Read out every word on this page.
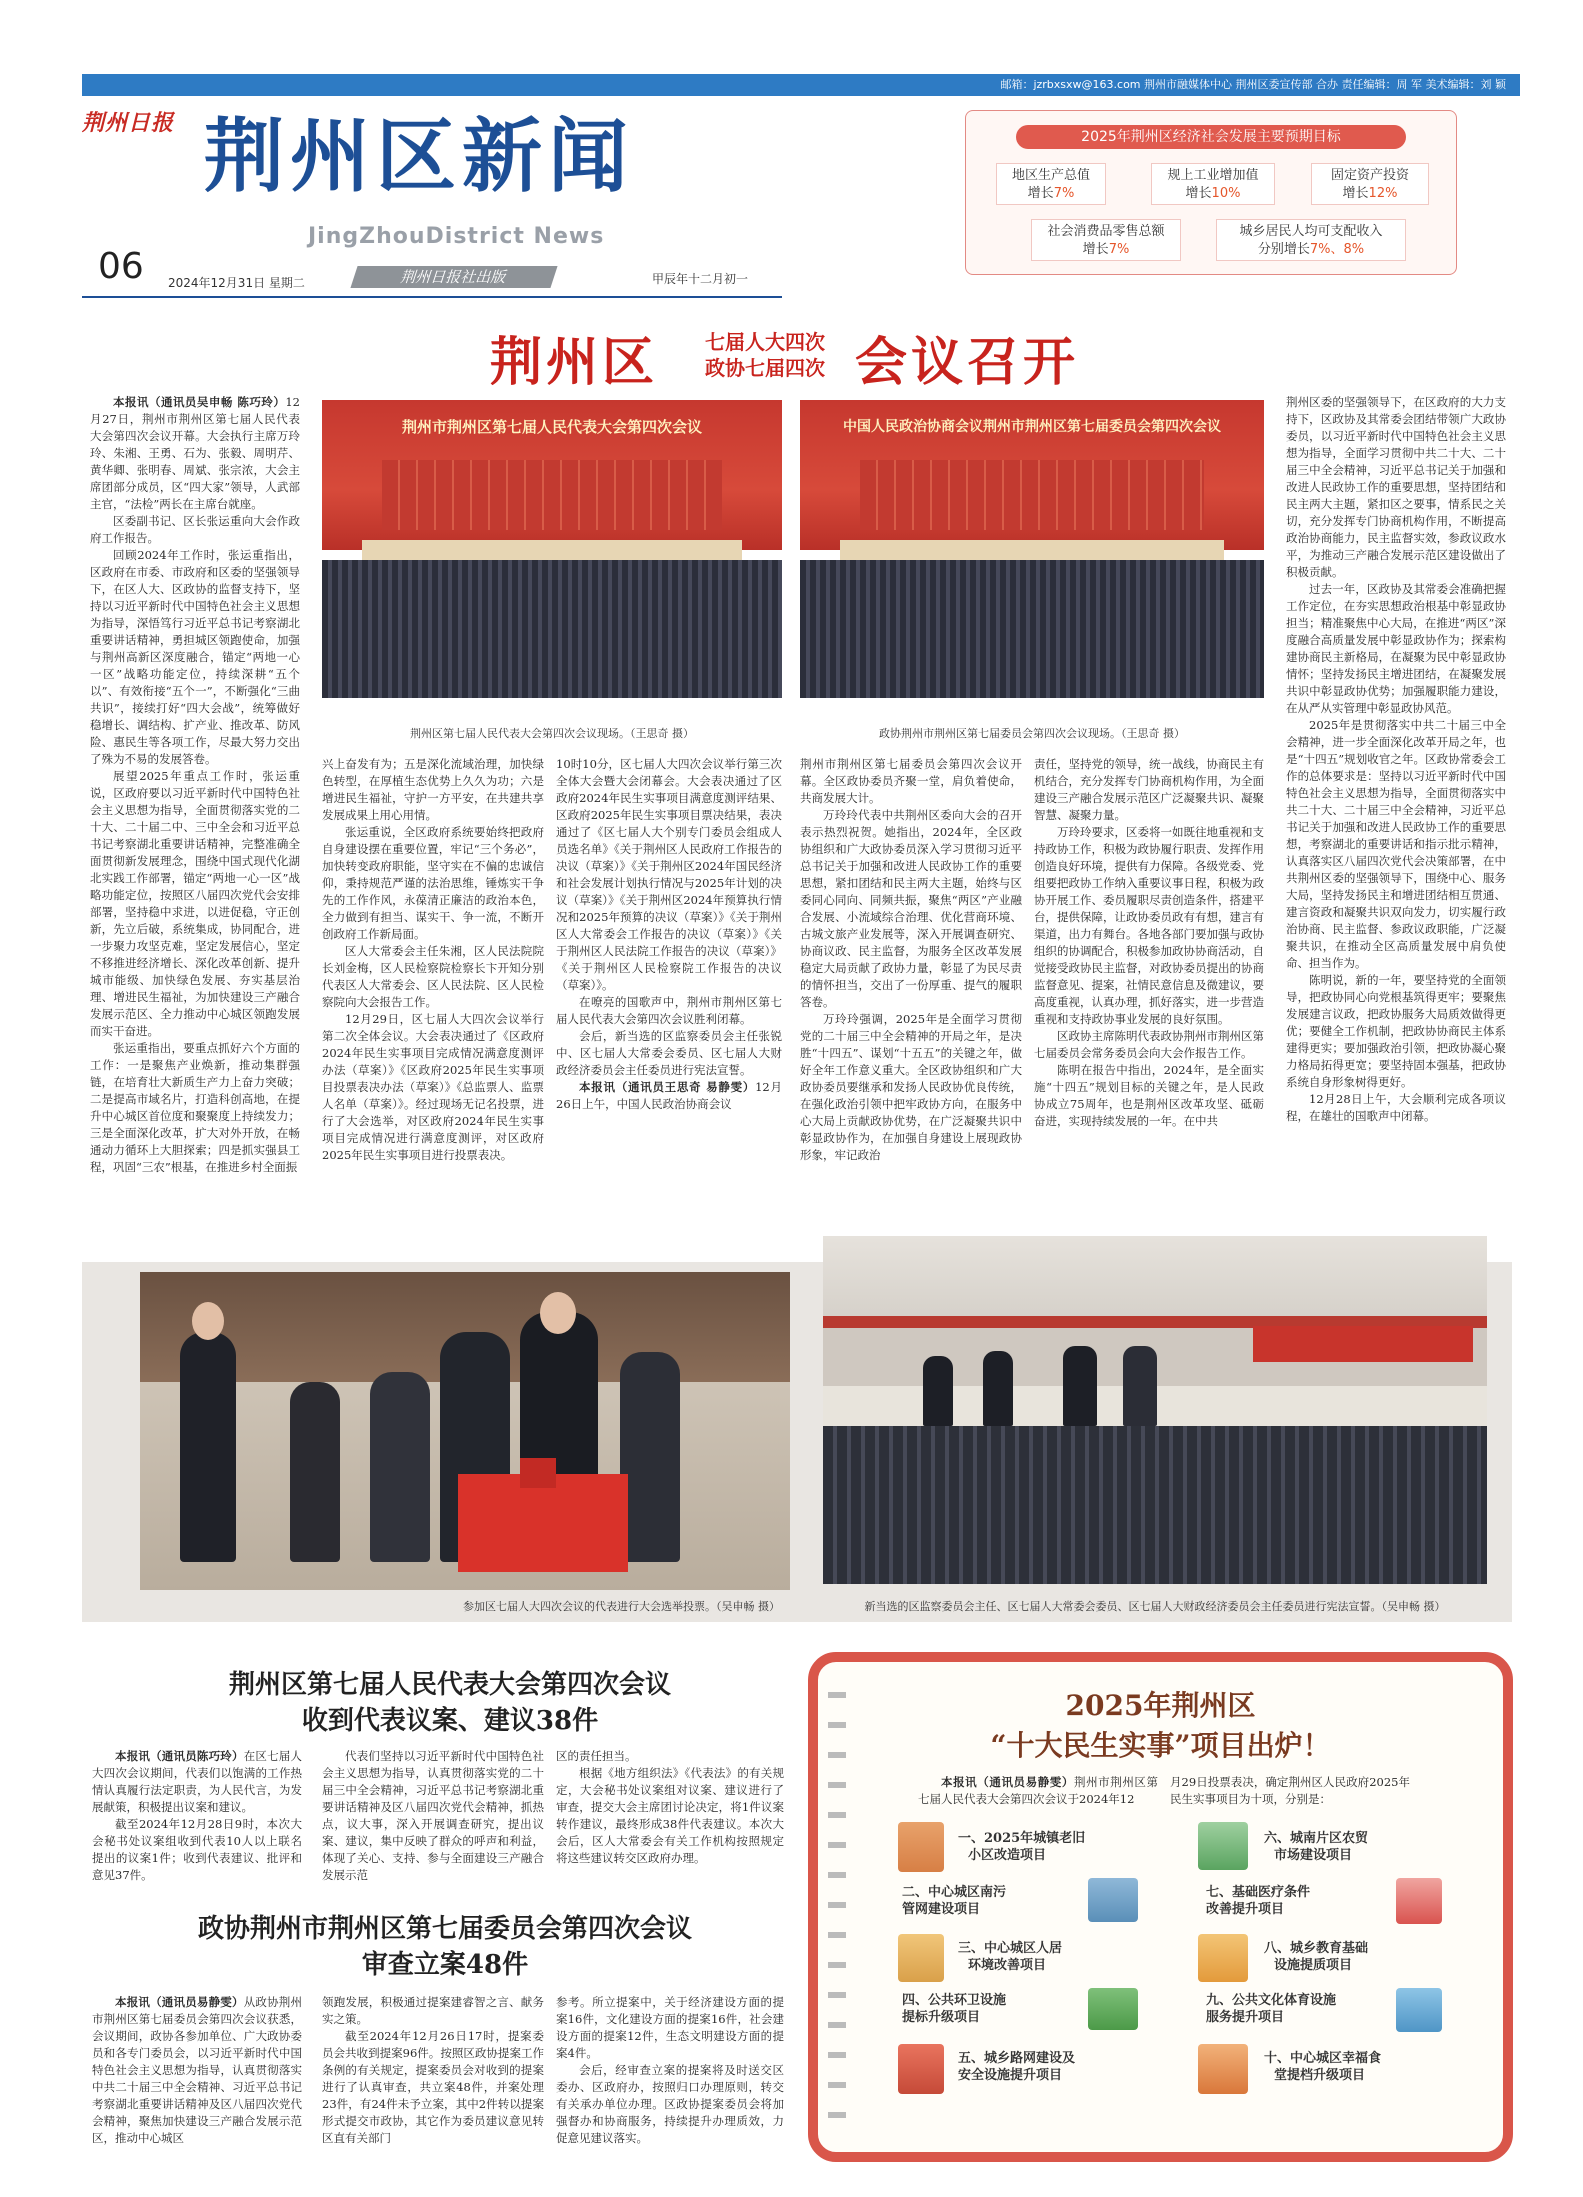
邮箱：jzrbxsxw@163.com 荆州市融媒体中心 荆州区委宣传部 合办 责任编辑：周 军 美术编辑：刘 颖
荆州日报 荆州区新闻
JingZhouDistrict News
06 2024年12月31日 星期二	荆州日报社出版	甲辰年十二月初一
2025年荆州区经济社会发展主要预期目标
地区生产总值
增长7%
规上工业增加值
增长10%
固定资产投资
增长12%
社会消费品零售总额
增长7%
城乡居民人均可支配收入
分别增长7%、8%
荆州区 七届人大四次
政协七届四次 会议召开
荆州市荆州区第七届人民代表大会第四次会议
荆州区第七届人民代表大会第四次会议现场。（王思奇 摄）
中国人民政治协商会议荆州市荆州区第七届委员会第四次会议
政协荆州市荆州区第七届委员会第四次会议现场。（王思奇 摄）

本报讯（通讯员吴申畅 陈巧玲）12月27日，荆州市荆州区第七届人民代表大会第四次会议开幕。大会执行主席万玲玲、朱湘、王勇、石为、张毅、周明芹、黄华卿、张明春、周斌、张宗浓，大会主席团部分成员，区“四大家”领导，人武部主官，“法检”两长在主席台就座。

区委副书记、区长张运重向大会作政府工作报告。

回顾2024年工作时，张运重指出，区政府在市委、市政府和区委的坚强领导下，在区人大、区政协的监督支持下，坚持以习近平新时代中国特色社会主义思想为指导，深悟笃行习近平总书记考察湖北重要讲话精神，勇担城区领跑使命，加强与荆州高新区深度融合，锚定“两地一心一区”战略功能定位，持续深耕“五个以”、有效衔接“五个一”，不断强化“三曲共识”，接续打好“四大会战”，统筹做好稳增长、调结构、扩产业、推改革、防风险、惠民生等各项工作，尽最大努力交出了殊为不易的发展答卷。

展望2025年重点工作时，张运重说，区政府要以习近平新时代中国特色社会主义思想为指导，全面贯彻落实党的二十大、二十届二中、三中全会和习近平总书记考察湖北重要讲话精神，完整准确全面贯彻新发展理念，围绕中国式现代化湖北实践工作部署，锚定“两地一心一区”战略功能定位，按照区八届四次党代会安排部署，坚持稳中求进，以进促稳，守正创新，先立后破，系统集成，协同配合，进一步聚力攻坚克难，坚定发展信心，坚定不移推进经济增长、深化改革创新、提升城市能级、加快绿色发展、夯实基层治理、增进民生福祉，为加快建设三产融合发展示范区、全力推动中心城区领跑发展而实干奋进。

张运重指出，要重点抓好六个方面的工作：一是聚焦产业焕新，推动集群强链，在培育壮大新质生产力上奋力突破；二是提高市域名片，打造科创高地，在提升中心城区首位度和聚聚度上持续发力；三是全面深化改革，扩大对外开放，在畅通动力循环上大胆探索；四是抓实强县工程，巩固“三农”根基，在推进乡村全面振

兴上奋发有为；五是深化流域治理，加快绿色转型，在厚植生态优势上久久为功；六是增进民生福祉，守护一方平安，在共建共享发展成果上用心用情。

张运重说，全区政府系统要始终把政府自身建设摆在重要位置，牢记“三个务必”，加快转变政府职能，坚守实在不偏的忠诚信仰，秉持规范严谨的法治思维，锤炼实干争先的工作作风，永葆清正廉洁的政治本色，全力做到有担当、谋实干、争一流，不断开创政府工作新局面。

区人大常委会主任朱湘，区人民法院院长刘金梅，区人民检察院检察长卞开知分别代表区人大常委会、区人民法院、区人民检察院向大会报告工作。

12月29日，区七届人大四次会议举行第二次全体会议。大会表决通过了《区政府2024年民生实事项目完成情况满意度测评办法（草案）》《区政府2025年民生实事项目投票表决办法（草案）》《总监票人、监票人名单（草案）》。经过现场无记名投票，进行了大会选举，对区政府2024年民生实事项目完成情况进行满意度测评，对区政府2025年民生实事项目进行投票表决。

10时10分，区七届人大四次会议举行第三次全体大会暨大会闭幕会。大会表决通过了区政府2024年民生实事项目满意度测评结果、区政府2025年民生实事项目票决结果，表决通过了《区七届人大个别专门委员会组成人员选名单》《关于荆州区人民政府工作报告的决议（草案）》《关于荆州区2024年国民经济和社会发展计划执行情况与2025年计划的决议（草案）》《关于荆州区2024年预算执行情况和2025年预算的决议（草案）》《关于荆州区人大常委会工作报告的决议（草案）》《关于荆州区人民法院工作报告的决议（草案）》《关于荆州区人民检察院工作报告的决议（草案）》。

在嘹亮的国歌声中，荆州市荆州区第七届人民代表大会第四次会议胜利闭幕。

会后，新当选的区监察委员会主任张锐中、区七届人大常委会委员、区七届人大财政经济委员会主任委员进行宪法宣誓。

本报讯（通讯员王思奇 易静雯）12月26日上午，中国人民政治协商会议

荆州市荆州区第七届委员会第四次会议开幕。全区政协委员齐聚一堂，肩负着使命，共商发展大计。

万玲玲代表中共荆州区委向大会的召开表示热烈祝贺。她指出，2024年，全区政协组织和广大政协委员深入学习贯彻习近平总书记关于加强和改进人民政协工作的重要思想，紧扣团结和民主两大主题，始终与区委同心同向、同频共振，聚焦“两区”产业融合发展、小流域综合治理、优化营商环境、古城文旅产业发展等，深入开展调查研究、协商议政、民主监督，为服务全区改革发展稳定大局贡献了政协力量，彰显了为民尽责的情怀担当，交出了一份厚重、提气的履职答卷。

万玲玲强调，2025年是全面学习贯彻党的二十届三中全会精神的开局之年，是决胜“十四五”、谋划“十五五”的关键之年，做好全年工作意义重大。全区政协组织和广大政协委员要继承和发扬人民政协优良传统，在强化政治引领中把牢政协方向，在服务中心大局上贡献政协优势，在广泛凝聚共识中彰显政协作为，在加强自身建设上展现政协形象，牢记政治

责任，坚持党的领导，统一战线，协商民主有机结合，充分发挥专门协商机构作用，为全面建设三产融合发展示范区广泛凝聚共识、凝聚智慧、凝聚力量。

万玲玲要求，区委将一如既往地重视和支持政协工作，积极为政协履行职责、发挥作用创造良好环境，提供有力保障。各级党委、党组要把政协工作纳入重要议事日程，积极为政协开展工作、委员履职尽责创造条件，搭建平台，提供保障，让政协委员政有有想，建言有渠道，出力有舞台。各地各部门要加强与政协组织的协调配合，积极参加政协协商活动，自觉接受政协民主监督，对政协委员提出的协商监督意见、提案，社情民意信息及微建议，要高度重视，认真办理，抓好落实，进一步营造重视和支持政协事业发展的良好氛围。

区政协主席陈明代表政协荆州市荆州区第七届委员会常务委员会向大会作报告工作。

陈明在报告中指出，2024年，是全面实施“十四五”规划目标的关键之年，是人民政协成立75周年，也是荆州区改革攻坚、砥砺奋进，实现持续发展的一年。在中共

荆州区委的坚强领导下，在区政府的大力支持下，区政协及其常委会团结带领广大政协委员，以习近平新时代中国特色社会主义思想为指导，全面学习贯彻中共二十大、二十届三中全会精神，习近平总书记关于加强和改进人民政协工作的重要思想，坚持团结和民主两大主题，紧扣区之要事，情系民之关切，充分发挥专门协商机构作用，不断提高政治协商能力，民主监督实效，参政议政水平，为推动三产融合发展示范区建设做出了积极贡献。

过去一年，区政协及其常委会准确把握工作定位，在夯实思想政治根基中彰显政协担当；精准聚焦中心大局，在推进“两区”深度融合高质量发展中彰显政协作为；探索构建协商民主新格局，在凝聚为民中彰显政协情怀；坚持发扬民主增进团结，在凝聚发展共识中彰显政协优势；加强履职能力建设，在从严从实管理中彰显政协风范。

2025年是贯彻落实中共二十届三中全会精神，进一步全面深化改革开局之年，也是“十四五”规划收官之年。区政协常委会工作的总体要求是：坚持以习近平新时代中国特色社会主义思想为指导，全面贯彻落实中共二十大、二十届三中全会精神，习近平总书记关于加强和改进人民政协工作的重要思想，考察湖北的重要讲话和指示批示精神，认真落实区八届四次党代会决策部署，在中共荆州区委的坚强领导下，围绕中心、服务大局，坚持发扬民主和增进团结相互贯通、建言资政和凝聚共识双向发力，切实履行政治协商、民主监督、参政议政职能，广泛凝聚共识，在推动全区高质量发展中肩负使命、担当作为。

陈明说，新的一年，要坚持党的全面领导，把政协同心向党根基筑得更牢；要聚焦发展建言议政，把政协服务大局质效做得更优；要健全工作机制，把政协协商民主体系建得更实；要加强政治引领，把政协凝心聚力格局拓得更宽；要坚持固本强基，把政协系统自身形象树得更好。

12月28日上午，大会顺利完成各项议程，在雄壮的国歌声中闭幕。

参加区七届人大四次会议的代表进行大会选举投票。（吴申畅 摄）	新当选的区监察委员会主任、区七届人大常委会委员、区七届人大财政经济委员会主任委员进行宪法宣誓。（吴申畅 摄）
荆州区第七届人民代表大会第四次会议
收到代表议案、建议38件

本报讯（通讯员陈巧玲）在区七届人大四次会议期间，代表们以饱满的工作热情认真履行法定职责，为人民代言，为发展献策，积极提出议案和建议。

截至2024年12月28日9时，本次大会秘书处议案组收到代表10人以上联名提出的议案1件；收到代表建议、批评和意见37件。

代表们坚持以习近平新时代中国特色社会主义思想为指导，认真贯彻落实党的二十届三中全会精神，习近平总书记考察湖北重要讲话精神及区八届四次党代会精神，抓热点，议大事，深入开展调查研究，提出议案、建议，集中反映了群众的呼声和利益，体现了关心、支持、参与全面建设三产融合发展示范

区的责任担当。

根据《地方组织法》《代表法》的有关规定，大会秘书处议案组对议案、建议进行了审查，提交大会主席团讨论决定，将1件议案转作建议，最终形成38件代表建议。本次大会后，区人大常委会有关工作机构按照规定将这些建议转交区政府办理。

政协荆州市荆州区第七届委员会第四次会议
审查立案48件

本报讯（通讯员易静雯）从政协荆州市荆州区第七届委员会第四次会议获悉，会议期间，政协各参加单位、广大政协委员和各专门委员会，以习近平新时代中国特色社会主义思想为指导，认真贯彻落实中共二十届三中全会精神、习近平总书记考察湖北重要讲话精神及区八届四次党代会精神，聚焦加快建设三产融合发展示范区，推动中心城区

领跑发展，积极通过提案建睿智之言、献务实之策。

截至2024年12月26日17时，提案委员会共收到提案96件。按照区政协提案工作条例的有关规定，提案委员会对收到的提案进行了认真审查，共立案48件，并案处理23件，有24件未予立案，其中2件转以提案形式提交市政协，其它作为委员建议意见转区直有关部门

参考。所立提案中，关于经济建设方面的提案16件，文化建设方面的提案16件，社会建设方面的提案12件，生态文明建设方面的提案4件。

会后，经审查立案的提案将及时送交区委办、区政府办，按照归口办理原则，转交有关承办单位办理。区政协提案委员会将加强督办和协商服务，持续提升办理质效，力促意见建议落实。

2025年荆州区
“十大民生实事”项目出炉！

本报讯（通讯员易静雯）荆州市荆州区第七届人民代表大会第四次会议于2024年12

月29日投票表决，确定荆州区人民政府2025年民生实事项目为十项，分别是：
一、2025年城镇老旧
小区改造项目
二、中心城区南污
管网建设项目
三、中心城区人居
环境改善项目
四、公共环卫设施
提标升级项目
五、城乡路网建设及
安全设施提升项目
六、城南片区农贸
市场建设项目
七、基础医疗条件
改善提升项目
八、城乡教育基础
设施提质项目
九、公共文化体育设施
服务提升项目
十、中心城区幸福食
堂提档升级项目
